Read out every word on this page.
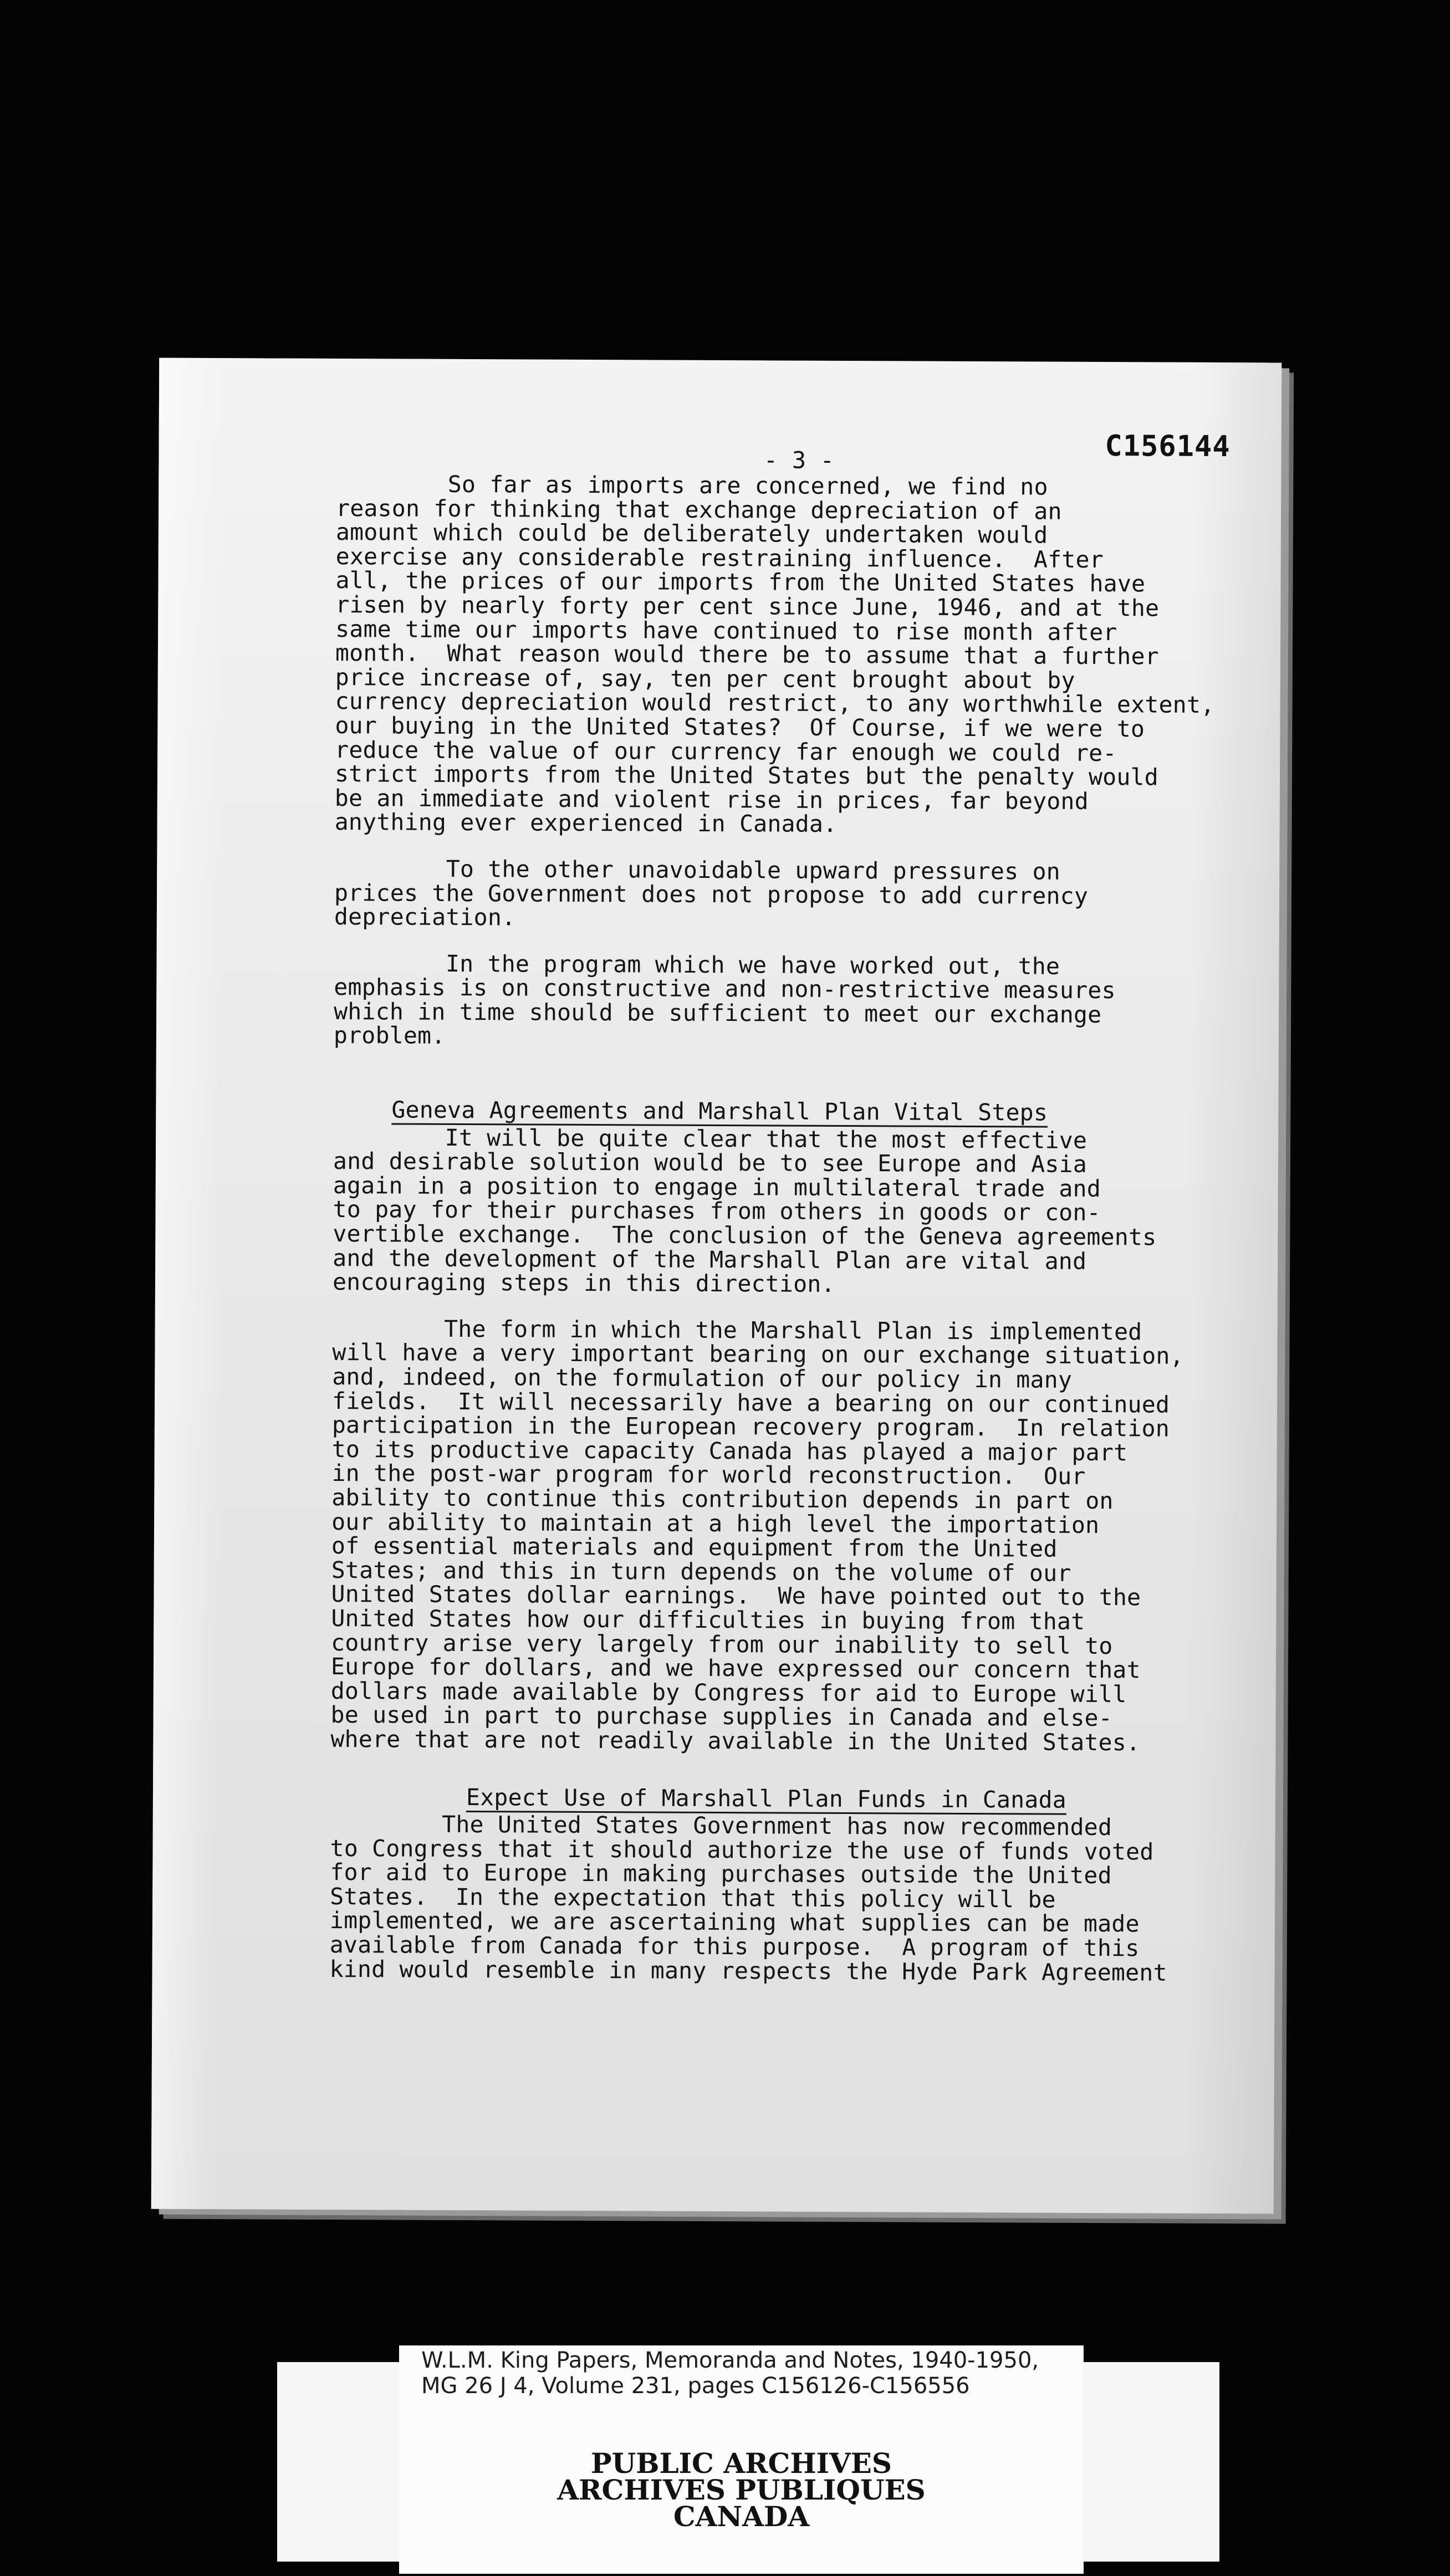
C156144
- 3 -
So far as imports are concerned, we find no
reason for thinking that exchange depreciation of an
amount which could be deliberately undertaken would
exercise any considerable restraining influence.  After
all, the prices of our imports from the United States have
risen by nearly forty per cent since June, 1946, and at the
same time our imports have continued to rise month after
month.  What reason would there be to assume that a further
price increase of, say, ten per cent brought about by
currency depreciation would restrict, to any worthwhile extent,
our buying in the United States?  Of Course, if we were to
reduce the value of our currency far enough we could re-
strict imports from the United States but the penalty would
be an immediate and violent rise in prices, far beyond
anything ever experienced in Canada.
To the other unavoidable upward pressures on
prices the Government does not propose to add currency
depreciation.
In the program which we have worked out, the
emphasis is on constructive and non-restrictive measures
which in time should be sufficient to meet our exchange
problem.
Geneva Agreements and Marshall Plan Vital Steps
It will be quite clear that the most effective
and desirable solution would be to see Europe and Asia
again in a position to engage in multilateral trade and
to pay for their purchases from others in goods or con-
vertible exchange.  The conclusion of the Geneva agreements
and the development of the Marshall Plan are vital and
encouraging steps in this direction.
The form in which the Marshall Plan is implemented
will have a very important bearing on our exchange situation,
and, indeed, on the formulation of our policy in many
fields.  It will necessarily have a bearing on our continued
participation in the European recovery program.  In relation
to its productive capacity Canada has played a major part
in the post-war program for world reconstruction.  Our
ability to continue this contribution depends in part on
our ability to maintain at a high level the importation
of essential materials and equipment from the United
States; and this in turn depends on the volume of our
United States dollar earnings.  We have pointed out to the
United States how our difficulties in buying from that
country arise very largely from our inability to sell to
Europe for dollars, and we have expressed our concern that
dollars made available by Congress for aid to Europe will
be used in part to purchase supplies in Canada and else-
where that are not readily available in the United States.
Expect Use of Marshall Plan Funds in Canada
The United States Government has now recommended
to Congress that it should authorize the use of funds voted
for aid to Europe in making purchases outside the United
States.  In the expectation that this policy will be
implemented, we are ascertaining what supplies can be made
available from Canada for this purpose.  A program of this
kind would resemble in many respects the Hyde Park Agreement
W.L.M. King Papers, Memoranda and Notes, 1940-1950,
MG 26 J 4, Volume 231, pages C156126-C156556
PUBLIC ARCHIVES
ARCHIVES PUBLIQUES
CANADA
